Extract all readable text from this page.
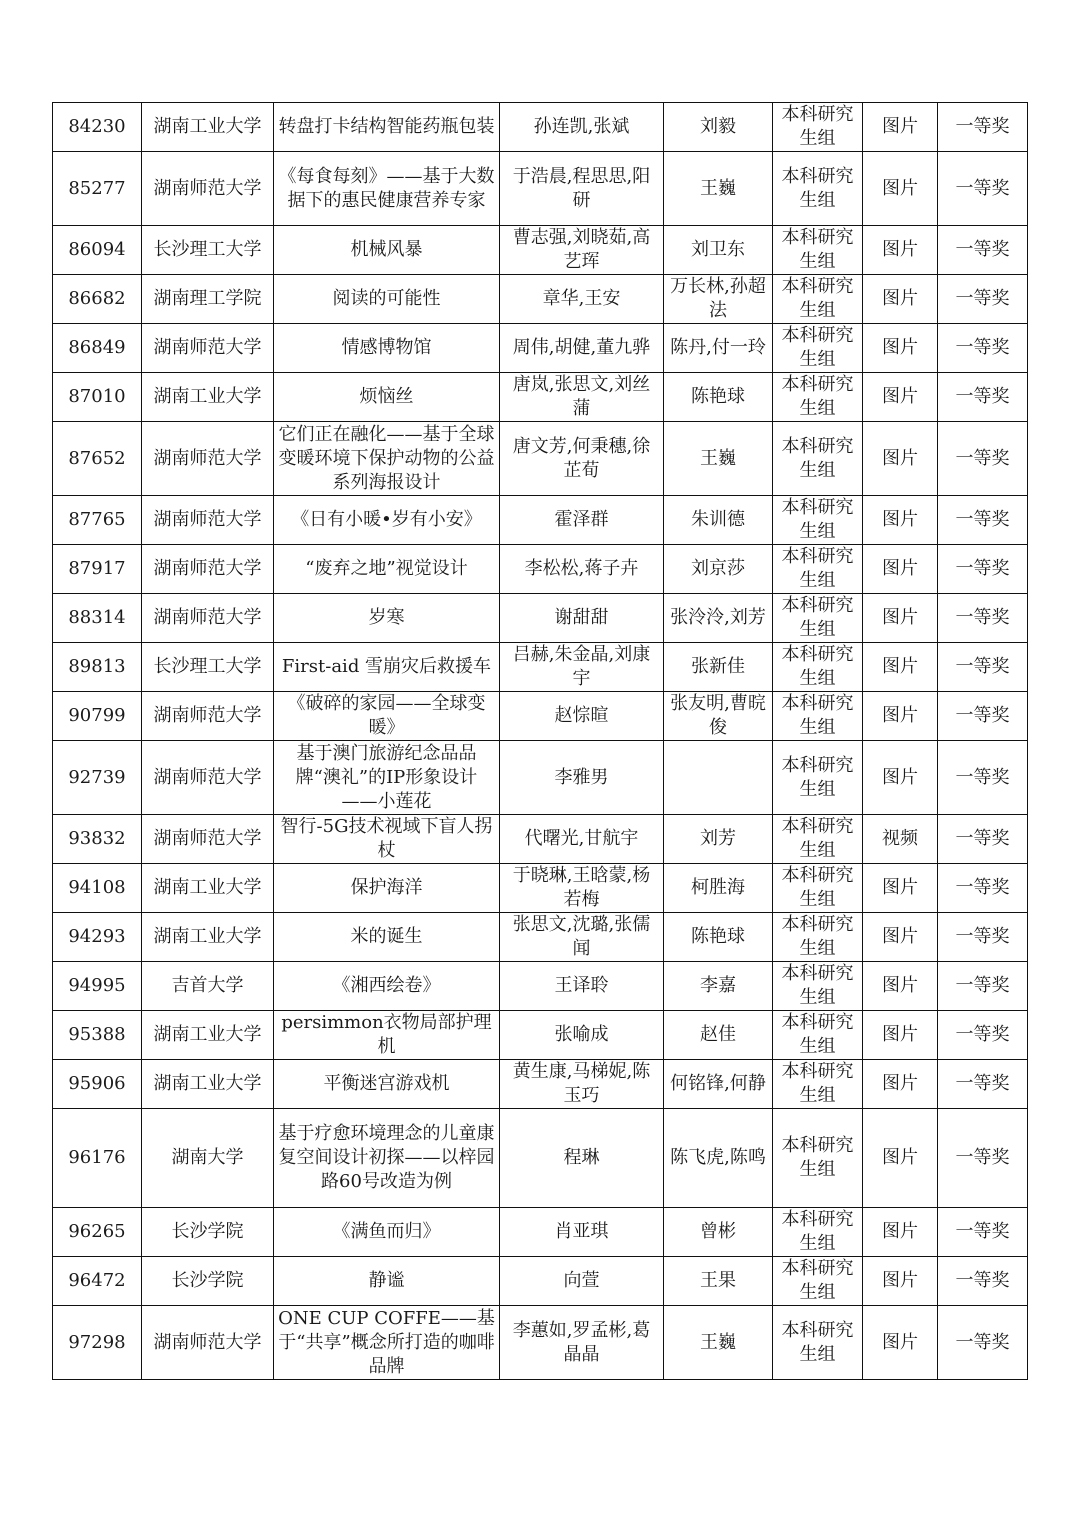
84230	湖南工业大学	转盘打卡结构智能药瓶包装	孙连凯,张斌	刘毅	本科研究生组	图片	一等奖
85277	湖南师范大学	《每食每刻》——基于大数据下的惠民健康营养专家	于浩晨,程思思,阳研	王巍	本科研究生组	图片	一等奖
86094	长沙理工大学	机械风暴	曹志强,刘晓茹,高艺珲	刘卫东	本科研究生组	图片	一等奖
86682	湖南理工学院	阅读的可能性	章华,王安	万长林,孙超法	本科研究生组	图片	一等奖
86849	湖南师范大学	情感博物馆	周伟,胡健,董九骅	陈丹,付一玲	本科研究生组	图片	一等奖
87010	湖南工业大学	烦恼丝	唐岚,张思文,刘丝蒲	陈艳球	本科研究生组	图片	一等奖
87652	湖南师范大学	它们正在融化——基于全球变暖环境下保护动物的公益系列海报设计	唐文芳,何秉穗,徐芷荀	王巍	本科研究生组	图片	一等奖
87765	湖南师范大学	《日有小暖•岁有小安》	霍泽群	朱训德	本科研究生组	图片	一等奖
87917	湖南师范大学	“废弃之地”视觉设计	李松松,蒋子卉	刘京莎	本科研究生组	图片	一等奖
88314	湖南师范大学	岁寒	谢甜甜	张泠泠,刘芳	本科研究生组	图片	一等奖
89813	长沙理工大学	First-aid 雪崩灾后救援车	吕赫,朱金晶,刘康宇	张新佳	本科研究生组	图片	一等奖
90799	湖南师范大学	《破碎的家园——全球变暖》	赵悰暄	张友明,曹晥俊	本科研究生组	图片	一等奖
92739	湖南师范大学	基于澳门旅游纪念品品牌“澳礼”的IP形象设计——小莲花	李雅男		本科研究生组	图片	一等奖
93832	湖南师范大学	智行-5G技术视域下盲人拐杖	代曙光,甘航宇	刘芳	本科研究生组	视频	一等奖
94108	湖南工业大学	保护海洋	于晓琳,王晗蒙,杨若梅	柯胜海	本科研究生组	图片	一等奖
94293	湖南工业大学	米的诞生	张思文,沈璐,张儒闻	陈艳球	本科研究生组	图片	一等奖
94995	吉首大学	《湘西绘卷》	王译聆	李嘉	本科研究生组	图片	一等奖
95388	湖南工业大学	persimmon衣物局部护理机	张喻成	赵佳	本科研究生组	图片	一等奖
95906	湖南工业大学	平衡迷宫游戏机	黄生康,马梯妮,陈玉巧	何铭锋,何静	本科研究生组	图片	一等奖
96176	湖南大学	基于疗愈环境理念的儿童康复空间设计初探——以梓园路60号改造为例	程琳	陈飞虎,陈鸣	本科研究生组	图片	一等奖
96265	长沙学院	《满鱼而归》	肖亚琪	曾彬	本科研究生组	图片	一等奖
96472	长沙学院	静谧	向萱	王果	本科研究生组	图片	一等奖
97298	湖南师范大学	ONE CUP COFFE——基于“共享”概念所打造的咖啡品牌	李蕙如,罗孟彬,葛晶晶	王巍	本科研究生组	图片	一等奖
